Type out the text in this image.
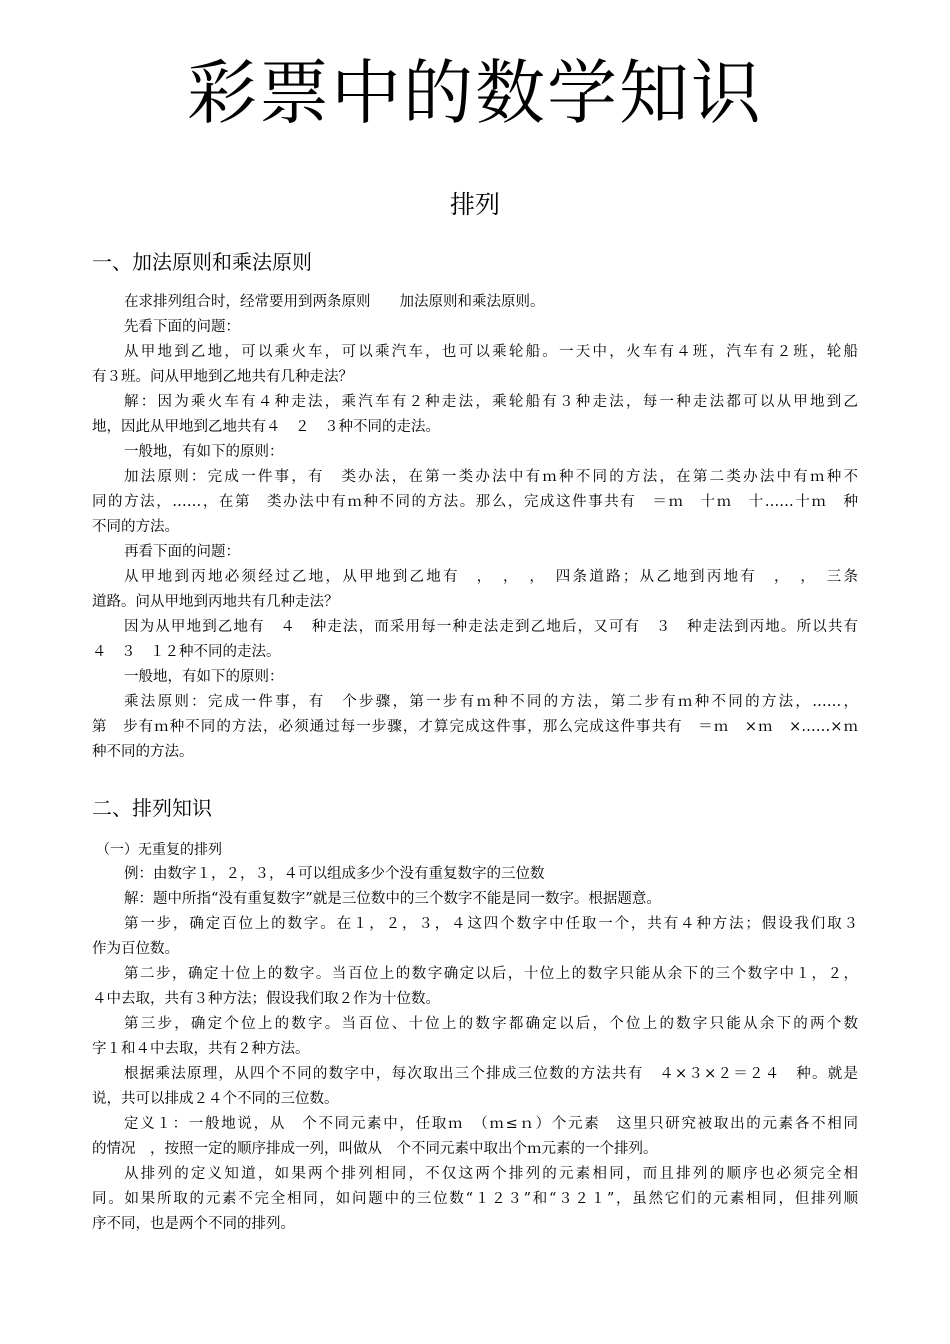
彩票中的数学知识
排列
一、加法原则和乘法原则
在求排列组合时，经常要用到两条原则　　加法原则和乘法原则。
先看下面的问题：
从甲地到乙地，可以乘火车，可以乘汽车，也可以乘轮船。一天中，火车有４班，汽车有２班，轮船
有３班。问从甲地到乙地共有几种走法？
解：因为乘火车有４种走法，乘汽车有２种走法，乘轮船有３种走法，每一种走法都可以从甲地到乙
地，因此从甲地到乙地共有４　２　３种不同的走法。
一般地，有如下的原则：
加法原则：完成一件事，有　类办法，在第一类办法中有ｍ种不同的方法，在第二类办法中有ｍ种不
同的方法，……，在第　类办法中有ｍ种不同的方法。那么，完成这件事共有　＝ｍ　十ｍ　十……十ｍ　种
不同的方法。
再看下面的问题：
从甲地到丙地必须经过乙地，从甲地到乙地有　，　，　，　四条道路；从乙地到丙地有　，　，　三条
道路。问从甲地到丙地共有几种走法？
因为从甲地到乙地有　４　种走法，而采用每一种走法走到乙地后，又可有　３　种走法到丙地。所以共有
４　３　１２种不同的走法。
一般地，有如下的原则：
乘法原则：完成一件事，有　个步骤，第一步有ｍ种不同的方法，第二步有ｍ种不同的方法，……，
第　步有ｍ种不同的方法，必须通过每一步骤，才算完成这件事，那么完成这件事共有　＝ｍ　×ｍ　×……×ｍ
种不同的方法。
二、排列知识
（一）无重复的排列
例：由数字１，２，３，４可以组成多少个没有重复数字的三位数
解：题中所指“没有重复数字”就是三位数中的三个数字不能是同一数字。根据题意。
第一步，确定百位上的数字。在１，２，３，４这四个数字中任取一个，共有４种方法；假设我们取３
作为百位数。
第二步，确定十位上的数字。当百位上的数字确定以后，十位上的数字只能从余下的三个数字中１，２，
４中去取，共有３种方法；假设我们取２作为十位数。
第三步，确定个位上的数字。当百位、十位上的数字都确定以后，个位上的数字只能从余下的两个数
字１和４中去取，共有２种方法。
根据乘法原理，从四个不同的数字中，每次取出三个排成三位数的方法共有　４×３×２＝２４　种。就是
说，共可以排成２４个不同的三位数。
定义１：一般地说，从　个不同元素中，任取ｍ　（ｍ≤ｎ）个元素　这里只研究被取出的元素各不相同
的情况　，按照一定的顺序排成一列，叫做从　个不同元素中取出个ｍ元素的一个排列。
从排列的定义知道，如果两个排列相同，不仅这两个排列的元素相同，而且排列的顺序也必须完全相
同。如果所取的元素不完全相同，如问题中的三位数“１２３”和“３２１”，虽然它们的元素相同，但排列顺
序不同，也是两个不同的排列。
